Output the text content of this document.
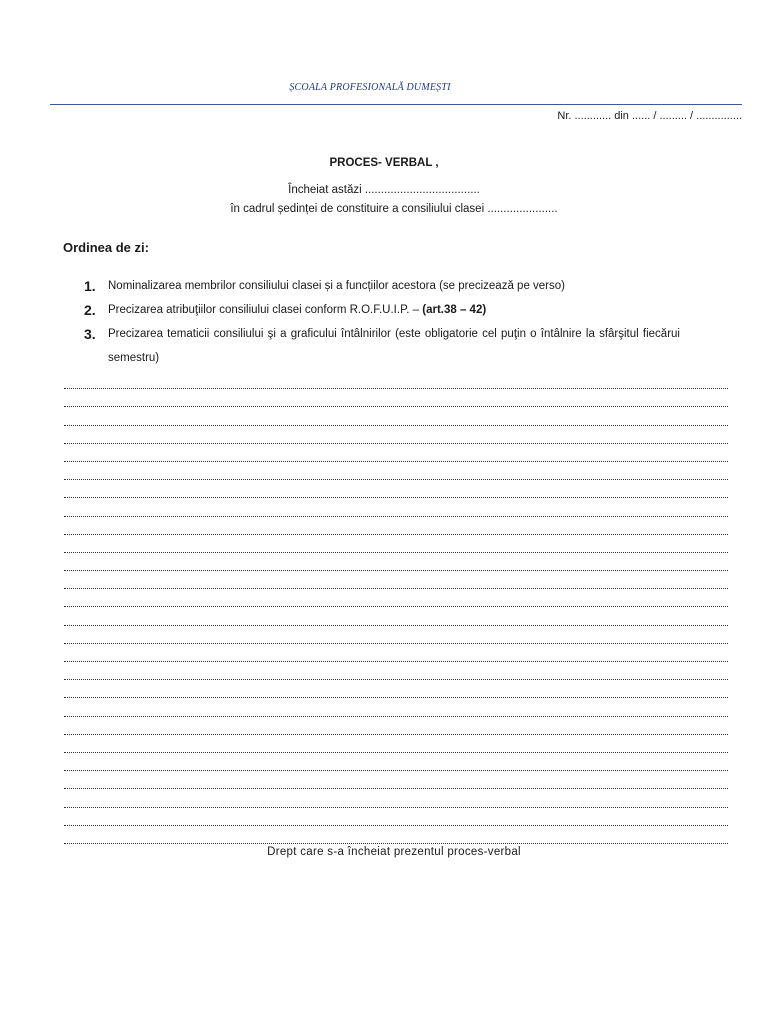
ȘCOALA PROFESIONALĂ DUMEȘTI
Nr. ............ din ...... / ......... / ...............
PROCES- VERBAL ,
Încheiat astăzi ....................................
în cadrul ședinței de constituire a consiliului clasei ......................
Ordinea de zi:
1.	Nominalizarea membrilor consiliului clasei și a funcțiilor acestora (se precizează pe verso)
2.	Precizarea atribuţiilor consiliului clasei conform R.O.F.U.I.P. – (art.38 – 42)
3.	Precizarea tematicii consiliului şi a graficului întâlnirilor (este obligatorie cel puţin o întâlnire la sfârşitul fiecărui semestru)
Drept care s-a încheiat prezentul proces-verbal
